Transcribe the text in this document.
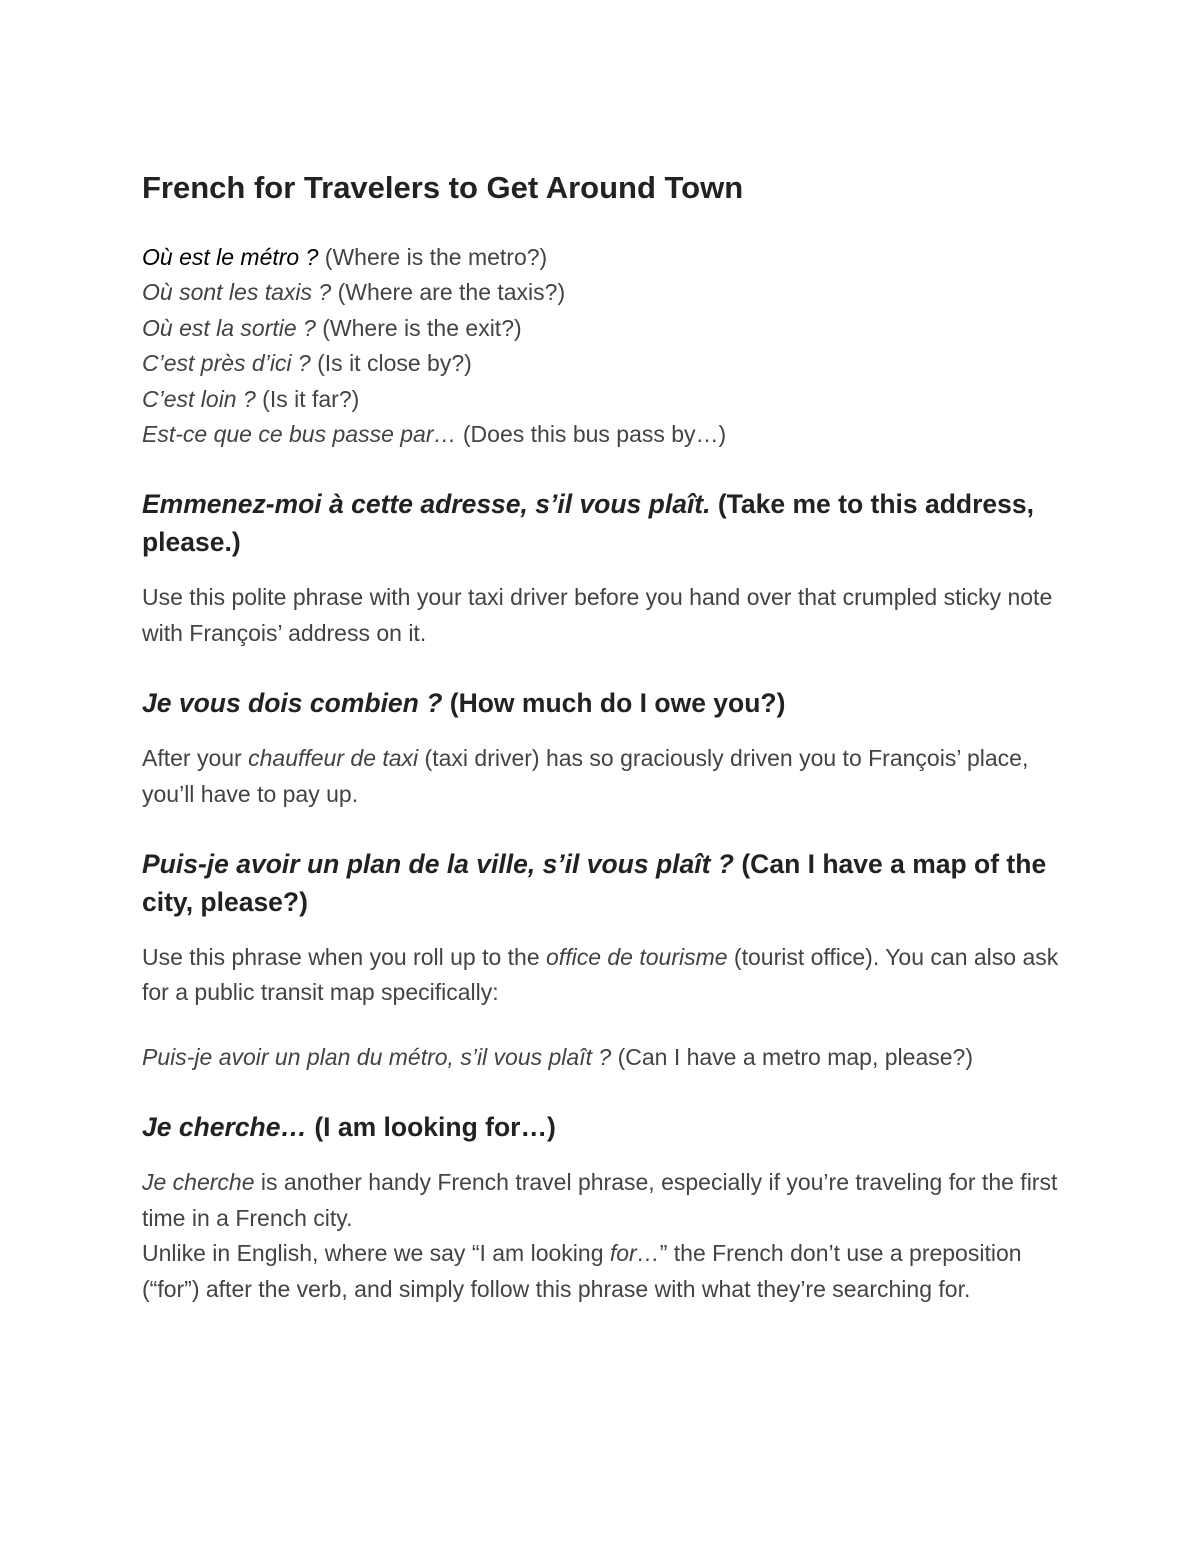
French for Travelers to Get Around Town

Où est le métro ? (Where is the metro?)

Où sont les taxis ? (Where are the taxis?)

Où est la sortie ? (Where is the exit?)

C’est près d’ici ? (Is it close by?)

C’est loin ? (Is it far?)

Est-ce que ce bus passe par… (Does this bus pass by…)

Emmenez-moi à cette adresse, s’il vous plaît. (Take me to this address, please.)

Use this polite phrase with your taxi driver before you hand over that crumpled sticky note with François’ address on it.

Je vous dois combien ? (How much do I owe you?)

After your chauffeur de taxi (taxi driver) has so graciously driven you to François’ place, you’ll have to pay up.

Puis-je avoir un plan de la ville, s’il vous plaît ? (Can I have a map of the city, please?)

Use this phrase when you roll up to the office de tourisme (tourist office). You can also ask for a public transit map specifically:

Puis-je avoir un plan du métro, s’il vous plaît ? (Can I have a metro map, please?)

Je cherche… (I am looking for…)

Je cherche is another handy French travel phrase, especially if you’re traveling for the first time in a French city.

Unlike in English, where we say “I am looking for…” the French don’t use a preposition (“for”) after the verb, and simply follow this phrase with what they’re searching for.
